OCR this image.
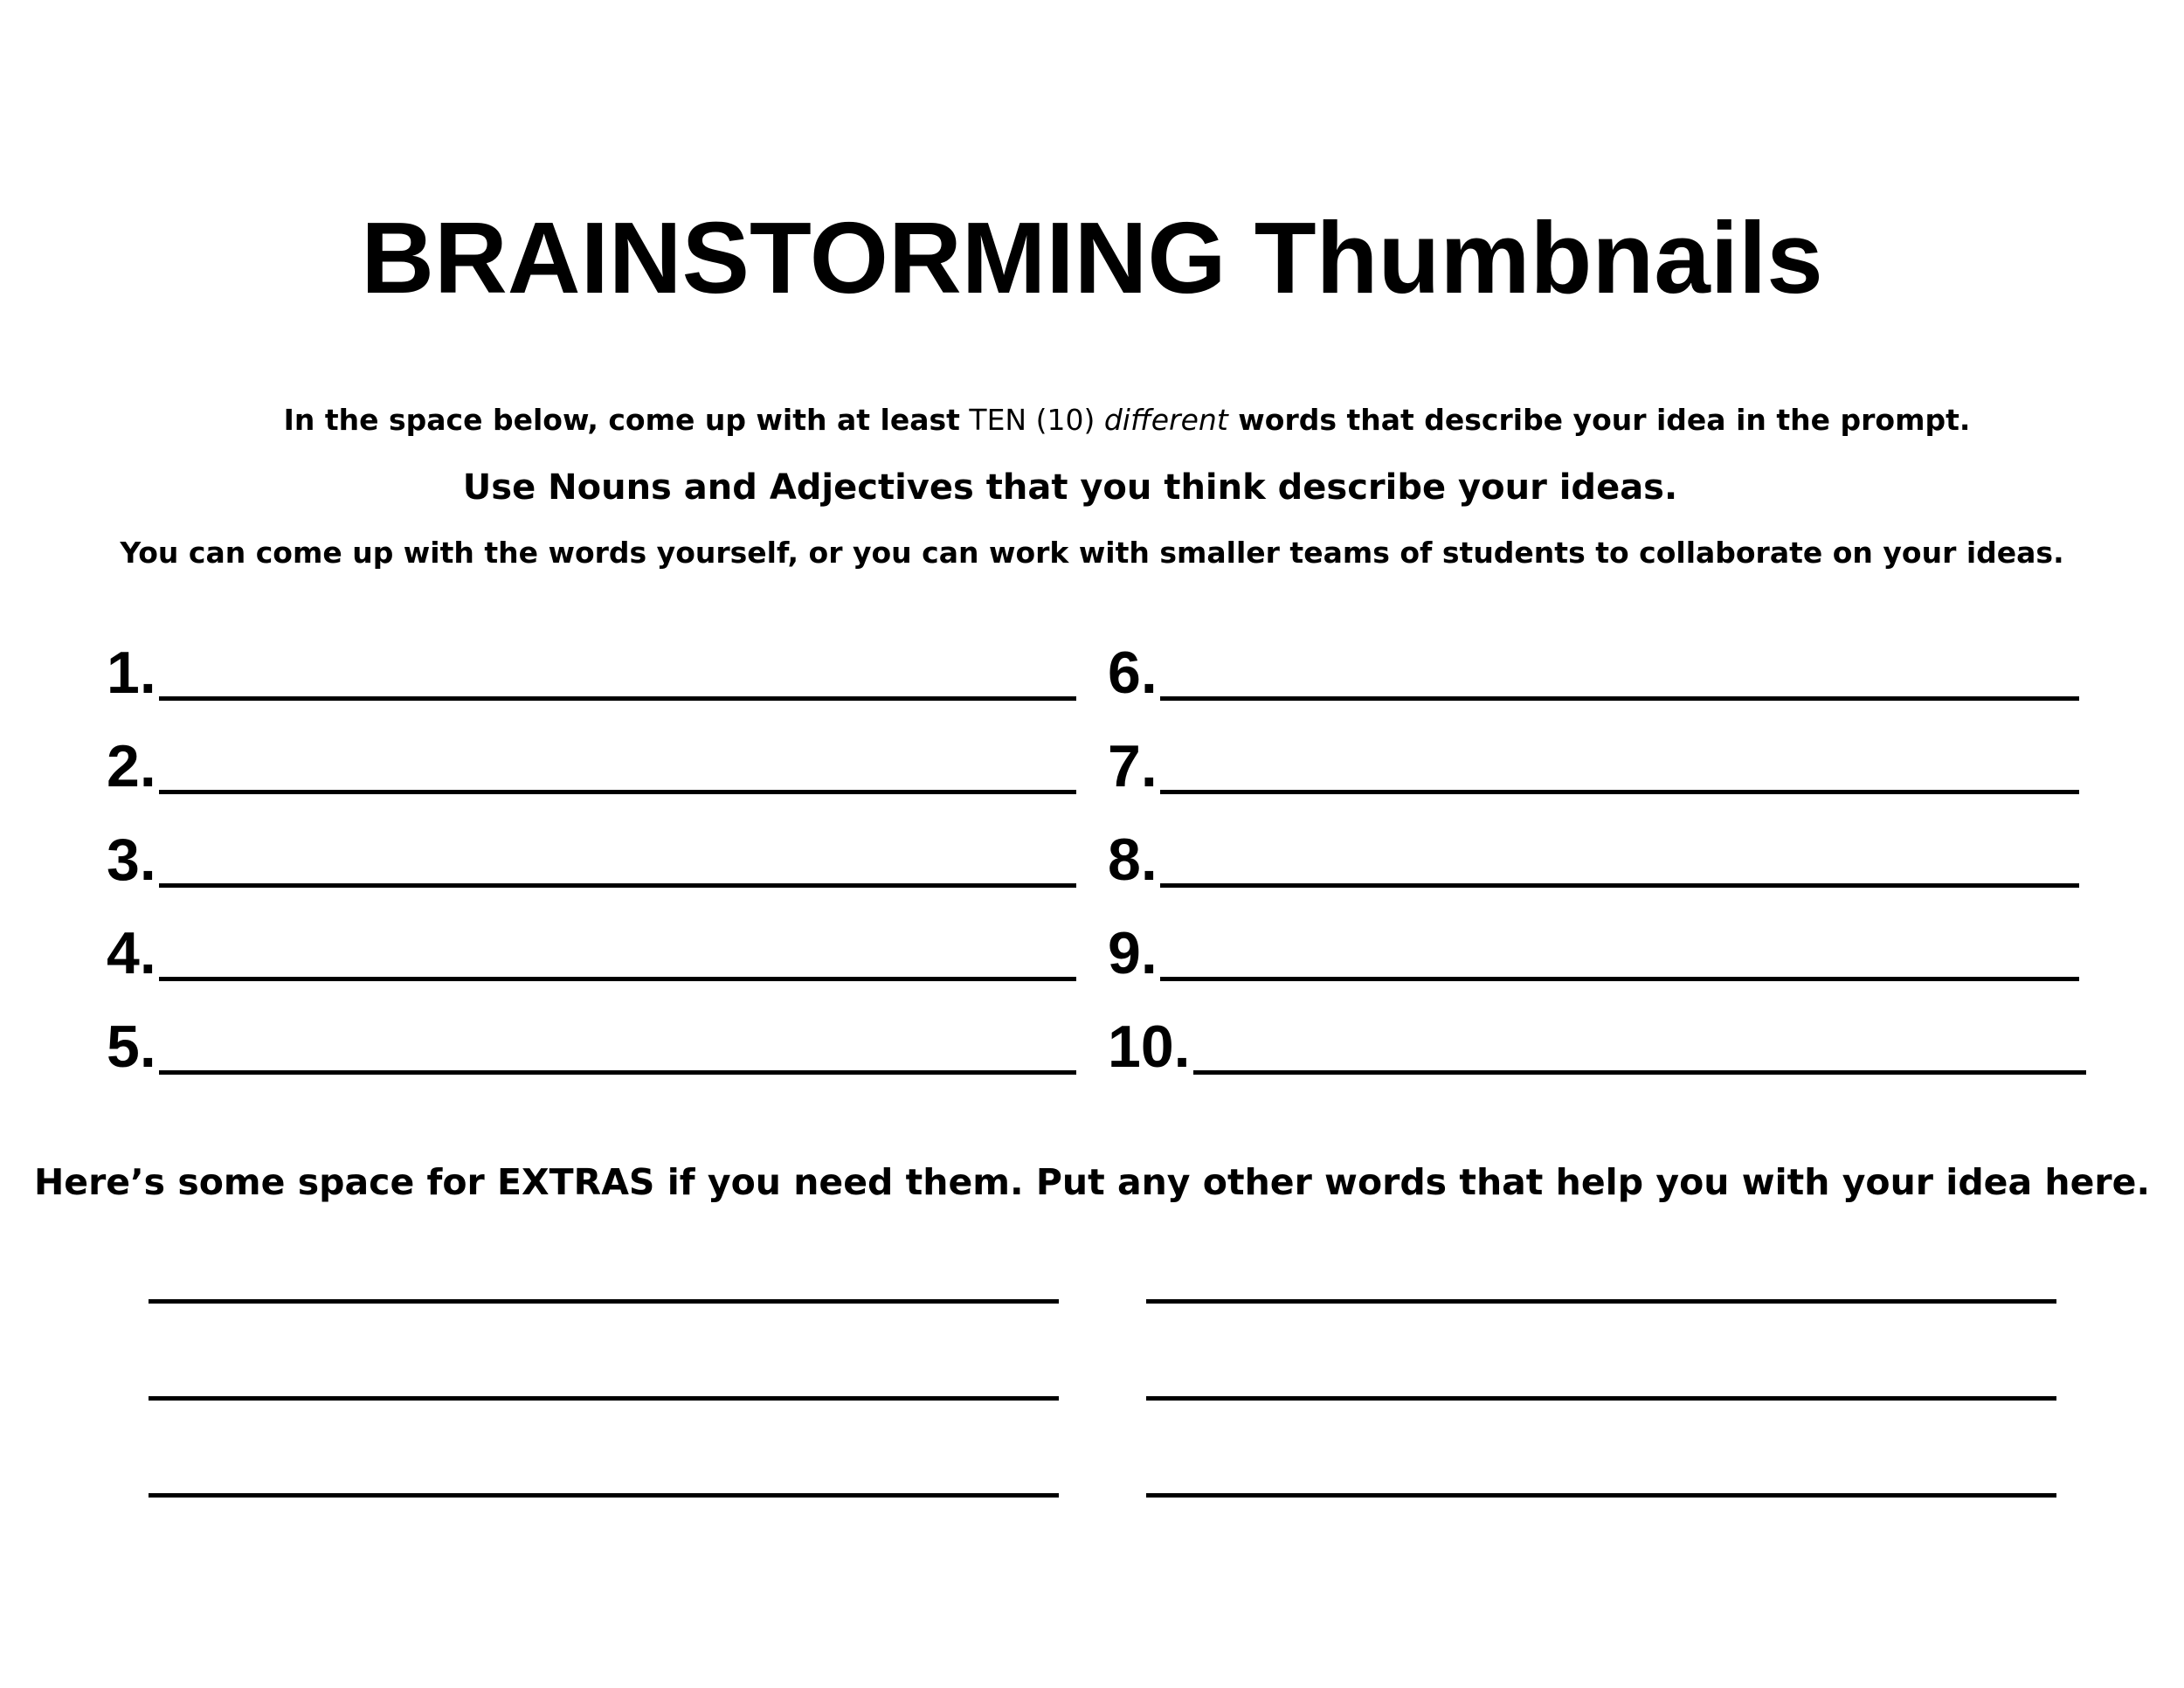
BRAINSTORMING Thumbnails
In the space below, come up with at least TEN (10) different words that describe your idea in the prompt.
Use Nouns and Adjectives that you think describe your ideas.
You can come up with the words yourself, or you can work with smaller teams of students to collaborate on your ideas.
1.
2.
3.
4.
5.
6.
7.
8.
9.
10.
Here’s some space for EXTRAS if you need them. Put any other words that help you with your idea here.
